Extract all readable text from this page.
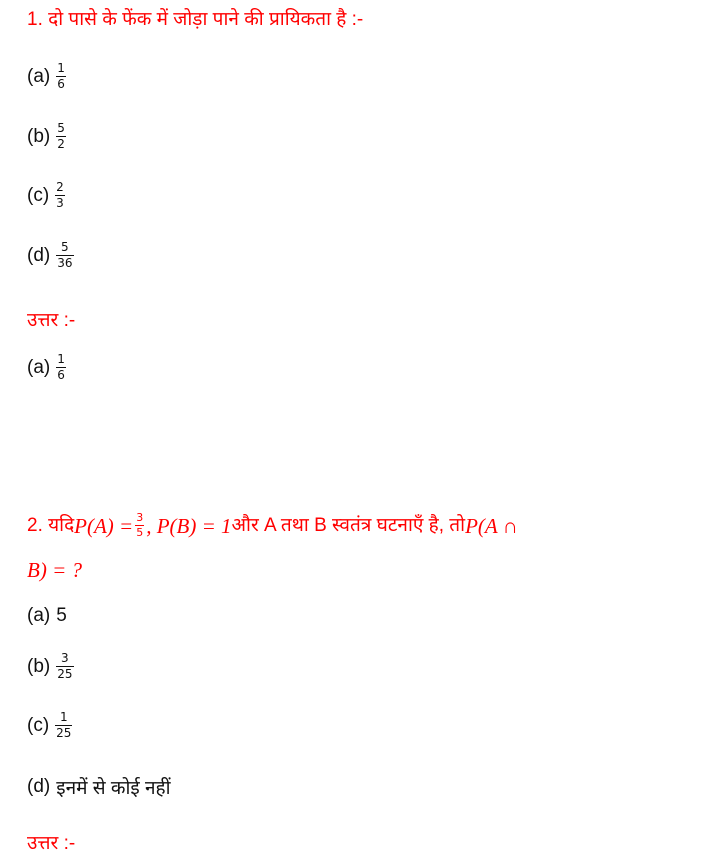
1. दो पासे के फेंक में जोड़ा पाने की प्रायिकता है :-
$(a) \frac{1}{6}$
$(b) \frac{5}{2}$
$(c) \frac{2}{3}$
$(d) \frac{5}{36}$
उत्तर :-
$(a) \frac{1}{6}$
2. यदि $P(A) = \frac{3}{5}$ , P(B) = 1 और A तथा B स्वतंत्र घटनाएँ है, तो P(A ∩
B) = ?
(a) 5
$(b) \frac{3}{25}$
$(c) \frac{1}{25}$
(d) इनमें से कोई नहीं
उत्तर :-
